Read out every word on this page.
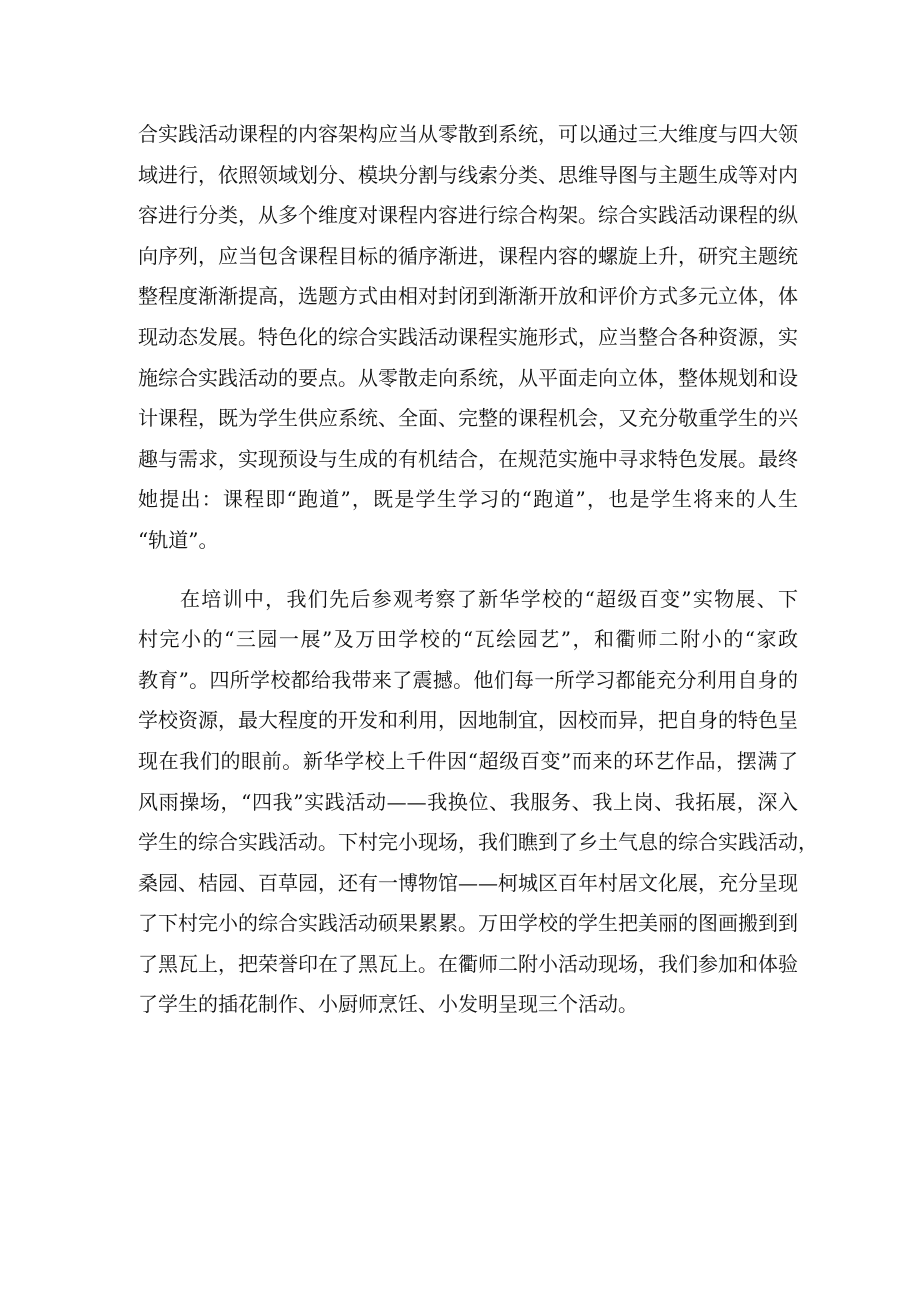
合实践活动课程的内容架构应当从零散到系统，可以通过三大维度与四大领
域进行，依照领域划分、模块分割与线索分类、思维导图与主题生成等对内
容进行分类，从多个维度对课程内容进行综合构架。综合实践活动课程的纵
向序列，应当包含课程目标的循序渐进，课程内容的螺旋上升，研究主题统
整程度渐渐提高，选题方式由相对封闭到渐渐开放和评价方式多元立体，体
现动态发展。特色化的综合实践活动课程实施形式，应当整合各种资源，实
施综合实践活动的要点。从零散走向系统，从平面走向立体，整体规划和设
计课程，既为学生供应系统、全面、完整的课程机会，又充分敬重学生的兴
趣与需求，实现预设与生成的有机结合，在规范实施中寻求特色发展。最终
她提出：课程即“跑道”，既是学生学习的“跑道”，也是学生将来的人生
“轨道”。
在培训中，我们先后参观考察了新华学校的“超级百变”实物展、下
村完小的“三园一展”及万田学校的“瓦绘园艺”，和衢师二附小的“家政
教育”。四所学校都给我带来了震撼。他们每一所学习都能充分利用自身的
学校资源，最大程度的开发和利用，因地制宜，因校而异，把自身的特色呈
现在我们的眼前。新华学校上千件因“超级百变”而来的环艺作品，摆满了
风雨操场，“四我”实践活动——我换位、我服务、我上岗、我拓展，深入
学生的综合实践活动。下村完小现场，我们瞧到了乡土气息的综合实践活动，
桑园、桔园、百草园，还有一博物馆——柯城区百年村居文化展，充分呈现
了下村完小的综合实践活动硕果累累。万田学校的学生把美丽的图画搬到到
了黑瓦上，把荣誉印在了黑瓦上。在衢师二附小活动现场，我们参加和体验
了学生的插花制作、小厨师烹饪、小发明呈现三个活动。
